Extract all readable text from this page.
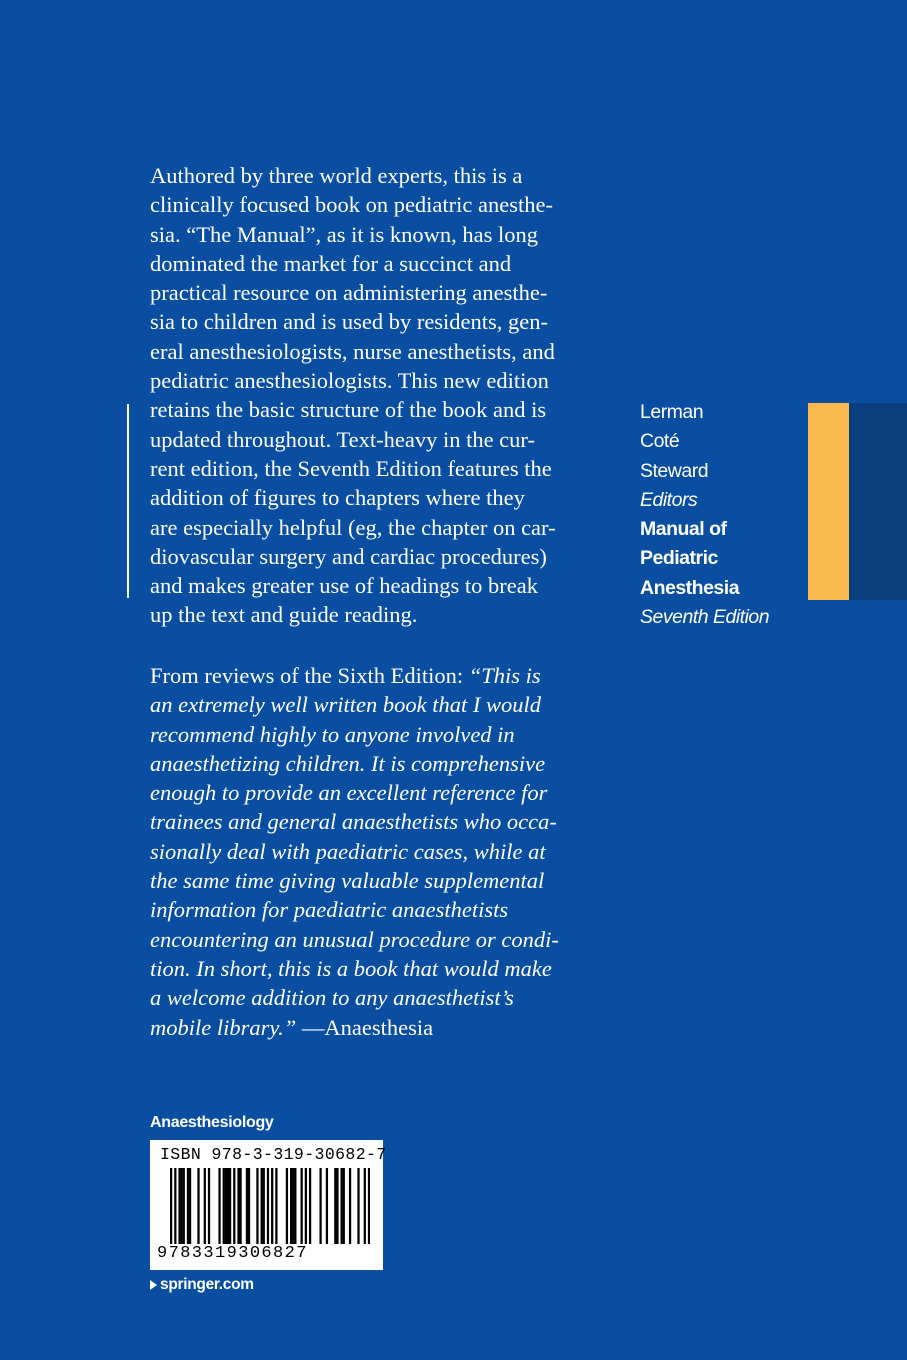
Authored by three world experts, this is a
clinically focused book on pediatric anesthe-
sia. “The Manual”, as it is known, has long
dominated the market for a succinct and
practical resource on administering anesthe-
sia to children and is used by residents, gen-
eral anesthesiologists, nurse anesthetists, and
pediatric anesthesiologists. This new edition
retains the basic structure of the book and is
updated throughout. Text-heavy in the cur-
rent edition, the Seventh Edition features the
addition of figures to chapters where they
are especially helpful (eg, the chapter on car-
diovascular surgery and cardiac procedures)
and makes greater use of headings to break
up the text and guide reading.
From reviews of the Sixth Edition: “This is
an extremely well written book that I would
recommend highly to anyone involved in
anaesthetizing children. It is comprehensive
enough to provide an excellent reference for
trainees and general anaesthetists who occa-
sionally deal with paediatric cases, while at
the same time giving valuable supplemental
information for paediatric anaesthetists
encountering an unusual procedure or condi-
tion. In short, this is a book that would make
a welcome addition to any anaesthetist’s
mobile library.” —Anaesthesia
Lerman
Coté
Steward
Editors
Manual of
Pediatric
Anesthesia
Seventh Edition
Anaesthesiology
ISBN 978-3-319-30682-7
9783319306827
springer.com
